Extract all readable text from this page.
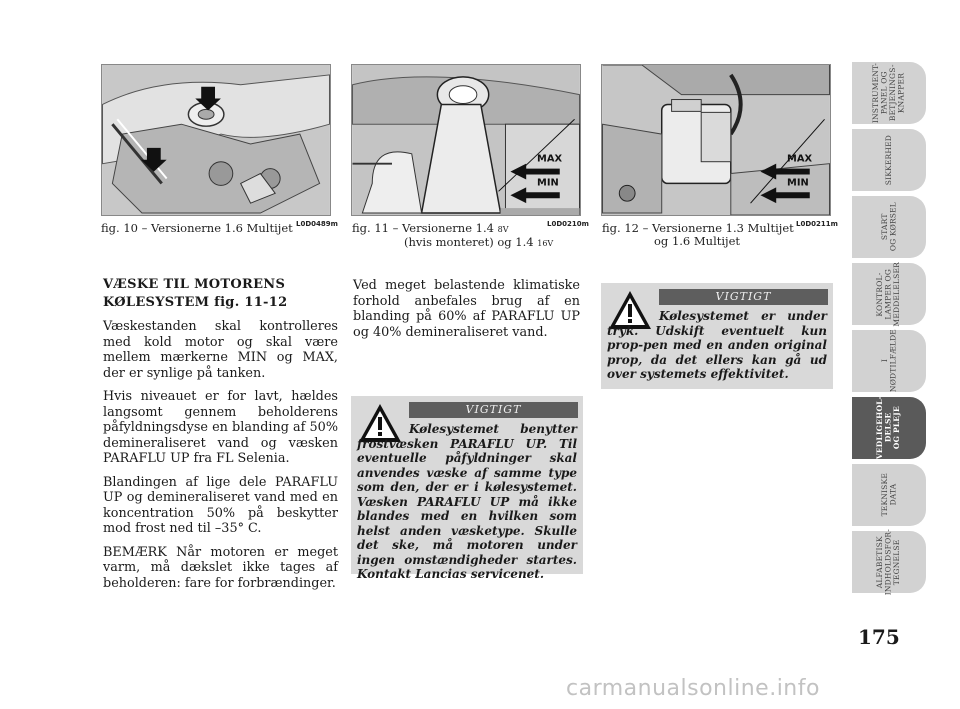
L0D0489m
fig. 10 – Versionerne 1.6 Multijet
MAX
MIN
L0D0210m
fig. 11 – Versionerne 1.4 8V
(hvis monteret) og 1.4 16V
MAX
MIN
L0D0211m
fig. 12 – Versionerne 1.3 Multijet
og 1.6 Multijet
VÆSKE TIL MOTORENS
KØLESYSTEM fig. 11-12

Væskestanden skal kontrolleres med kold motor og skal være mellem mærkerne MIN og MAX, der er synlige på tanken.

Hvis niveauet er for lavt, hældes langsomt gennem beholderens påfyldningsdyse en blanding af 50% demineraliseret vand og væsken PARAFLU UP fra FL Selenia.

Blandingen af lige dele PARAFLU UP og demineraliseret vand med en koncentration 50% på beskytter mod frost ned til –35° C.

BEMÆRK Når motoren er meget varm, må dækslet ikke tages af beholderen: fare for forbrændinger.

Ved meget belastende klimatiske forhold anbefales brug af en blanding på 60% af PARAFLU UP og 40% demineraliseret vand.

VIGTIGT
Kølesystemet benytter frostvæsken PARAFLU UP. Til eventuelle påfyldninger skal anvendes væske af samme type som den, der er i kølesystemet. Væsken PARAFLU UP må ikke blandes med en hvilken som helst anden væsketype. Skulle det ske, må motoren under ingen omstændigheder startes. Kontakt Lancias servicenet.
VIGTIGT
Kølesystemet er under tryk. Udskift eventuelt kun prop-pen med en anden original prop, da det ellers kan gå ud over systemets effektivitet.
INSTRUMENT-
PANEL OG
BETJENINGS-
KNAPPER
SIKKERHED
START
OG KØRSEL
KONTROL-
LAMPER OG
MEDDELELSER
I
NØDTILFÆLDE
VEDLIGEHOL-
DELSE
OG PLEJE
TEKNISKE
DATA
ALFABETISK
INDHOLDSFOR-
TEGNELSE
175
carmanualsonline.info
